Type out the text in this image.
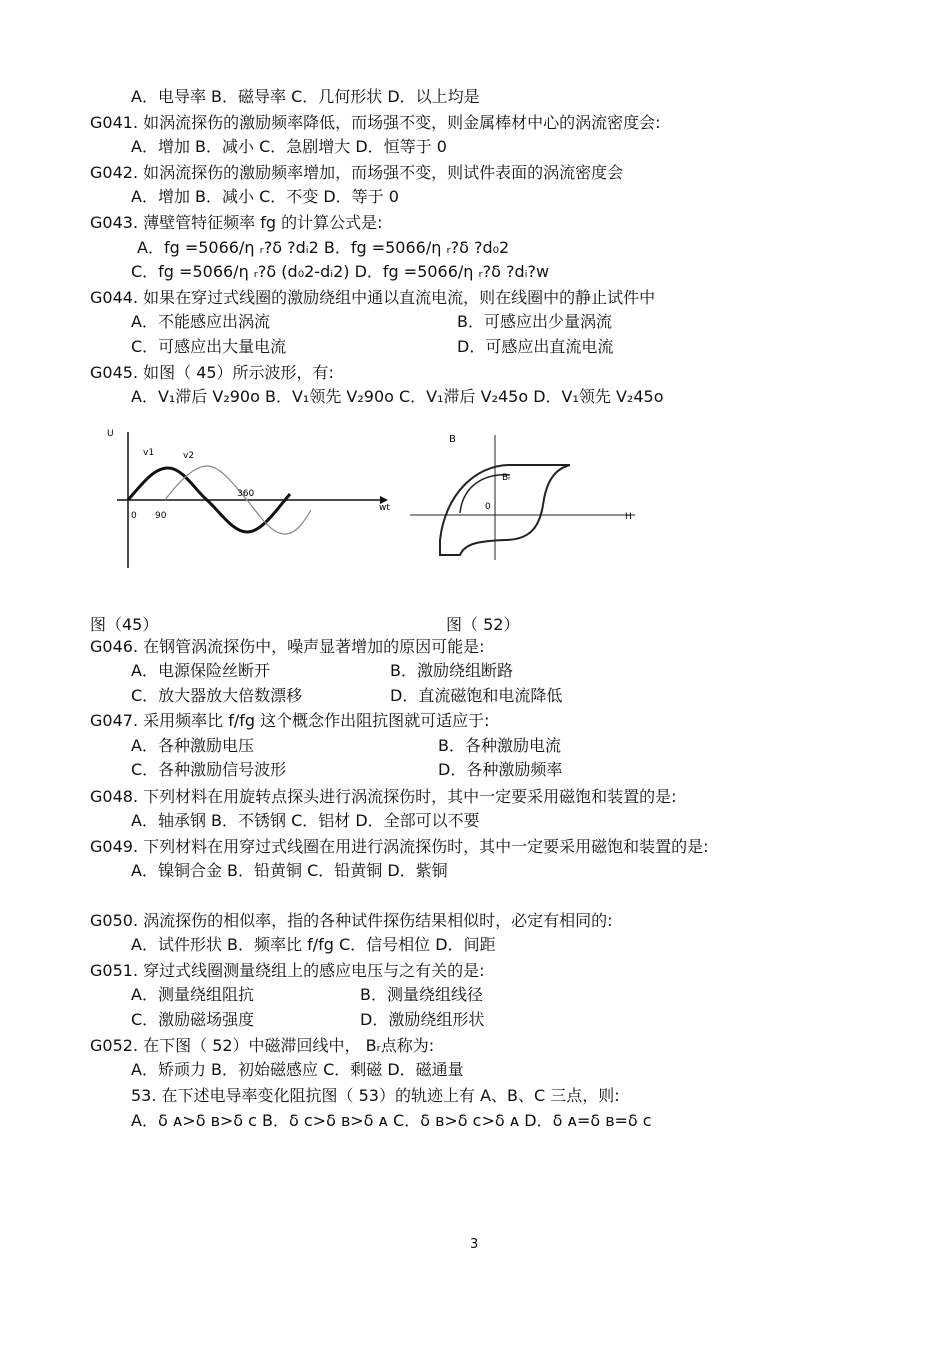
A．电导率 B．磁导率 C．几何形状 D．以上均是
G041. 如涡流探伤的激励频率降低，而场强不变，则金属棒材中心的涡流密度会:
A．增加 B．减小 C．急剧增大 D．恒等于 0
G042. 如涡流探伤的激励频率增加，而场强不变，则试件表面的涡流密度会
A．增加 B．减小 C．不变 D．等于 0
G043. 薄壁管特征频率 fg 的计算公式是:
A．fg =5066/η ᵣ?δ ?dᵢ2 B．fg =5066/η ᵣ?δ ?d₀2
C．fg =5066/η ᵣ?δ (d₀2-dᵢ2) D．fg =5066/η ᵣ?δ ?dᵢ?w
G044. 如果在穿过式线圈的激励绕组中通以直流电流，则在线圈中的静止试件中
A．不能感应出涡流	B．可感应出少量涡流
C．可感应出大量电流	D．可感应出直流电流
G045. 如图（ 45）所示波形，有:
A．V₁滞后 V₂90o B．V₁领先 V₂90o C．V₁滞后 V₂45o D．V₁领先 V₂45o
U
v1	v2
0 90
360
wt
B
Bᵣ
0
H
图（45）	图（ 52）
G046. 在钢管涡流探伤中，噪声显著增加的原因可能是:
A．电源保险丝断开	B．激励绕组断路
C．放大器放大倍数漂移	D．直流磁饱和电流降低
G047. 采用频率比 f/fg 这个概念作出阻抗图就可适应于:
A．各种激励电压	B．各种激励电流
C．各种激励信号波形	D．各种激励频率
G048. 下列材料在用旋转点探头进行涡流探伤时，其中一定要采用磁饱和装置的是:
A．轴承钢 B．不锈钢 C．铝材 D．全部可以不要
G049. 下列材料在用穿过式线圈在用进行涡流探伤时，其中一定要采用磁饱和装置的是:
A．镍铜合金 B．铅黄铜 C．铅黄铜 D．紫铜
G050. 涡流探伤的相似率，指的各种试件探伤结果相似时，必定有相同的:
A．试件形状 B．频率比 f/fg C．信号相位 D．间距
G051. 穿过式线圈测量绕组上的感应电压与之有关的是:
A．测量绕组阻抗	B．测量绕组线径
C．激励磁场强度	D．激励绕组形状
G052. 在下图（ 52）中磁滞回线中， Bᵣ点称为:
A．矫顽力 B．初始磁感应 C．剩磁 D．磁通量
53. 在下述电导率变化阻抗图（ 53）的轨迹上有 A、B、C 三点，则:
A．δ ᴀ>δ ʙ>δ ᴄ B．δ ᴄ>δ ʙ>δ ᴀ C．δ ʙ>δ ᴄ>δ ᴀ D．δ ᴀ=δ ʙ=δ ᴄ
3
